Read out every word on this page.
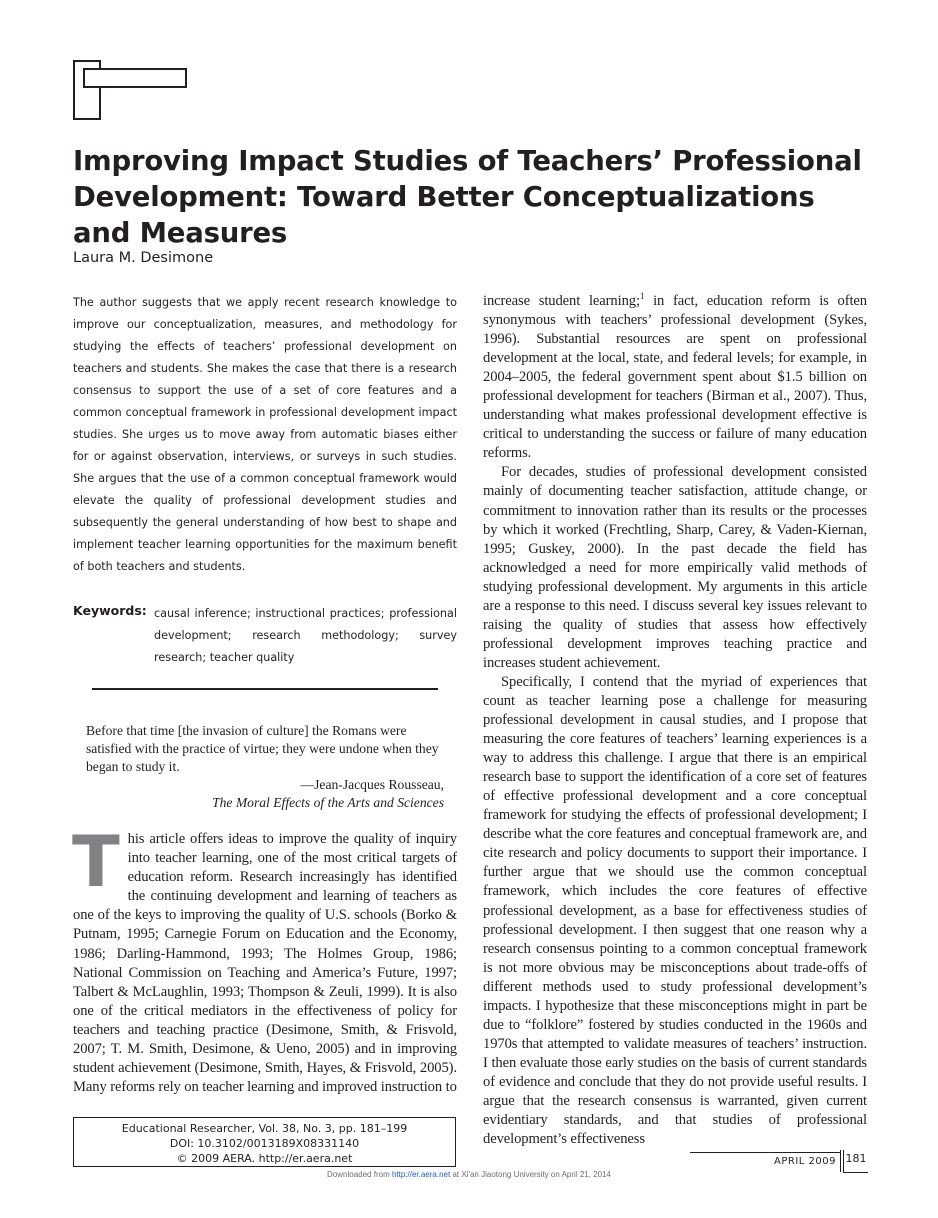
Improving Impact Studies of Teachers’ Professional Development: Toward Better Conceptualizations and Measures

Laura M. Desimone

The author suggests that we apply recent research knowledge to improve our conceptualization, measures, and methodology for studying the effects of teachers’ professional development on teachers and students. She makes the case that there is a research consensus to support the use of a set of core features and a common conceptual framework in professional development impact studies. She urges us to move away from automatic biases either for or against observation, interviews, or surveys in such studies. She argues that the use of a common conceptual framework would elevate the quality of professional development studies and subsequently the general understanding of how best to shape and implement teacher learning opportunities for the maximum benefit of both teachers and students.

Keywords: causal inference; instructional practices; professional development; research methodology; survey research; teacher quality

Before that time [the invasion of culture] the Romans were satisfied with the practice of virtue; they were undone when they began to study it.

—Jean-Jacques Rousseau,

The Moral Effects of the Arts and Sciences

This article offers ideas to improve the quality of inquiry into teacher learning, one of the most critical targets of education reform. Research increasingly has identified the continuing development and learning of teachers as one of the keys to improving the quality of U.S. schools (Borko & Putnam, 1995; Carnegie Forum on Education and the Economy, 1986; Darling-Hammond, 1993; The Holmes Group, 1986; National Commission on Teaching and America’s Future, 1997; Talbert & McLaughlin, 1993; Thompson & Zeuli, 1999). It is also one of the critical mediators in the effectiveness of policy for teachers and teaching practice (Desimone, Smith, & Frisvold, 2007; T. M. Smith, Desimone, & Ueno, 2005) and in improving student achievement (Desimone, Smith, Hayes, & Frisvold, 2005). Many reforms rely on teacher learning and improved instruction to

increase student learning;$^1$ in fact, education reform is often synonymous with teachers’ professional development (Sykes, 1996). Substantial resources are spent on professional development at the local, state, and federal levels; for example, in 2004–2005, the federal government spent about $1.5 billion on professional development for teachers (Birman et al., 2007). Thus, understanding what makes professional development effective is critical to understanding the success or failure of many education reforms.

For decades, studies of professional development consisted mainly of documenting teacher satisfaction, attitude change, or commitment to innovation rather than its results or the processes by which it worked (Frechtling, Sharp, Carey, & Vaden-Kiernan, 1995; Guskey, 2000). In the past decade the field has acknowledged a need for more empirically valid methods of studying professional development. My arguments in this article are a response to this need. I discuss several key issues relevant to raising the quality of studies that assess how effectively professional development improves teaching practice and increases student achievement.

Specifically, I contend that the myriad of experiences that count as teacher learning pose a challenge for measuring professional development in causal studies, and I propose that measuring the core features of teachers’ learning experiences is a way to address this challenge. I argue that there is an empirical research base to support the identification of a core set of features of effective professional development and a core conceptual framework for studying the effects of professional development; I describe what the core features and conceptual framework are, and cite research and policy documents to support their importance. I further argue that we should use the common conceptual framework, which includes the core features of effective professional development, as a base for effectiveness studies of professional development. I then suggest that one reason why a research consensus pointing to a common conceptual framework is not more obvious may be misconceptions about trade-offs of different methods used to study professional development’s impacts. I hypothesize that these misconceptions might in part be due to “folklore” fostered by studies conducted in the 1960s and 1970s that attempted to validate measures of teachers’ instruction. I then evaluate those early studies on the basis of current standards of evidence and conclude that they do not provide useful results. I argue that the research consensus is warranted, given current evidentiary standards, and that studies of professional development’s effectiveness

Educational Researcher, Vol. 38, No. 3, pp. 181–199
DOI: 10.3102/0013189X08331140
© 2009 AERA. http://er.aera.net
Downloaded from http://er.aera.net at Xi'an Jiaotong University on April 21, 2014
APRIL 2009 181
